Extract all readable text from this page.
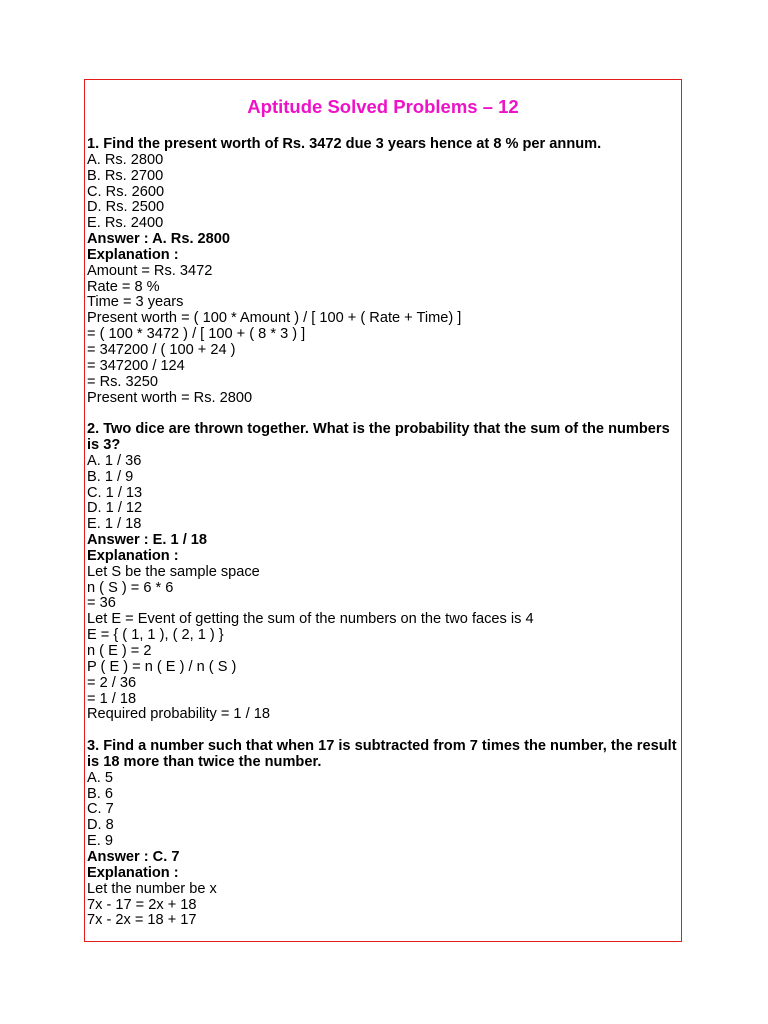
Aptitude Solved Problems – 12
1. Find the present worth of Rs. 3472 due 3 years hence at 8 % per annum.
A. Rs. 2800
B. Rs. 2700
C. Rs. 2600
D. Rs. 2500
E. Rs. 2400
Answer : A. Rs. 2800
Explanation :
Amount = Rs. 3472
Rate = 8 %
Time = 3 years
Present worth = ( 100 * Amount ) / [ 100 + ( Rate + Time) ]
= ( 100 * 3472 ) / [ 100 + ( 8 * 3 ) ]
= 347200 / ( 100 + 24 )
= 347200 / 124
= Rs. 3250
Present worth = Rs. 2800
2. Two dice are thrown together. What is the probability that the sum of the numbers is 3?
A. 1 / 36
B. 1 / 9
C. 1 / 13
D. 1 / 12
E. 1 / 18
Answer : E. 1 / 18
Explanation :
Let S be the sample space
n ( S ) = 6 * 6
= 36
Let E = Event of getting the sum of the numbers on the two faces is 4
E = { ( 1, 1 ), ( 2, 1 ) }
n ( E ) = 2
P ( E ) = n ( E ) / n ( S )
= 2 / 36
= 1 / 18
Required probability = 1 / 18
3. Find a number such that when 17 is subtracted from 7 times the number, the result is 18 more than twice the number.
A. 5
B. 6
C. 7
D. 8
E. 9
Answer : C. 7
Explanation :
Let the number be x
7x - 17 = 2x + 18
7x - 2x = 18 + 17
